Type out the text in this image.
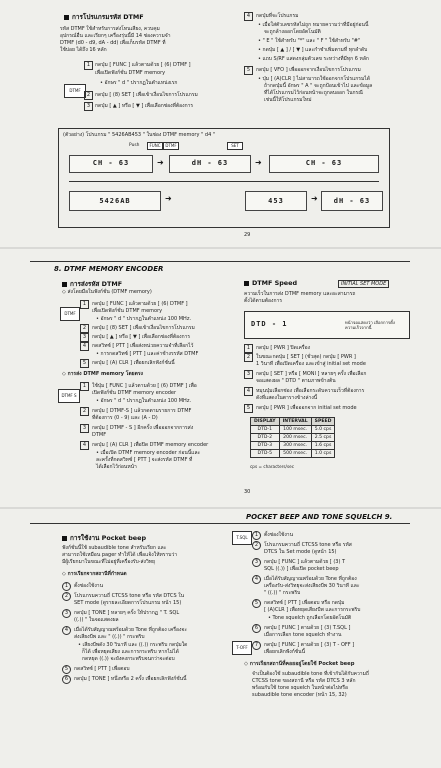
การโปรแกรมรหัส DTMF
รหัส DTMF ใช้สำหรับการส่งโทนเสียง, ควบคุม
อุปกรณ์อื่น และเรียกๆ เครื่องรุ่นนี้มี 14 ช่องความจำ
DTMF (d0 - d9, dA - dd) เพื่อเก็บรหัส DTMF ที่
ใช้บ่อย ได้ถึง 16 หลัก
DTMF
1 กดปุ่ม [ FUNC ] แล้วตามด้วย [ (6) DTMF ]
เพื่อเปิดฟังก์ชั่น DTMF memory
• อักษร " d " ปรากฏในตำแหน่งเรก
2 กดปุ่ม [ (8) SET ] เพื่อเข้าเงื่อนไขการโปรแกรม
3 กดปุ่ม [ ▲ ] หรือ [ ▼ ] เพื่อเลือกช่องที่ต้องการ
4	กดปุ่มที่จะโปรแกรม
• เมื่อใส่ตัวเลขรหัสไม่ถูก หมายความว่าที่มีอยู่ก่อนนี้
จะถูกล้างออกโดยอัตโนมัติ
• " E " ใช้สำหรับ "*" และ " F " ใช้สำหรับ "#"
• กดปุ่ม [ ▲ ] / [ ▼ ] และกำชำเพิ่มตามที่ ทุกลำดับ
• แถบ S/RF แสดงกลุ่มตัวเลข ระหว่างที่มีทุก 6 หลัก
5	กดปุ่ม [ VFO ] เพื่อออกจากเงื่อนไขการโปรแกรม
• ปุ่ม [ (A)CLR ] ไม่สามารถใช้ออกจากโปรแกรมได้
ถ้ากดปุ่มนี้ อักษร " A " จะถูกป้อนเข้าไป และข้อมูล
ที่ได้โปรแกรมไว้ก่อนหน้าจะถูกลบออก ในกรณี
เช่นนี้ให้โปรแกรมใหม่
(ตัวอย่าง) โปรแกรม " 5426AB453 " ในช่อง DTMF memory " d4 "
Push	FUNC	DTMF	SET
CH - 63	➜	dH - 63	➜	CH - 63
5426AB	➜	453	➜	dH - 63
29
8. DTMF MEMORY ENCODER
การส่งรหัส DTMF
◇ ส่งโดยมือในฟังก์ชั่น (DTMF memory)
DTMF
1	กดปุ่ม [ FUNC ] แล้วตามด้วย [ (6) DTMF ]
เพื่อเปิดฟังก์ชั่น DTMF memory
• อักษร " d " ปรากฏในตำแหน่ง 100 MHz.
2	กดปุ่ม [ (8) SET ] เพื่อเข้าเงื่อนไขการโปรแกรม
3	กดปุ่ม [ ▲ ] หรือ [ ▼ ] เพื่อเลือกช่องที่ต้องการ
4	กดสวิทซ์ [ PTT ] เพื่อส่งหน่วยความจำที่เลือกไว้
• การกดสวิทซ์ [ PTT ] และค่าช้างรรหัส DTMF
5	กดปุ่ม [ (A) CLR ] เพื่อยกเลิกฟังก์ชั่นนี้
◇ การส่ง DTMF memory โดยตรง
DTMF S
1	ใช้ปุ่ม [ FUNC ] แล้วตามด้วย [ (6) DTMF ] เพื่อ
เปิดฟังก์ชั่น DTMF memory encoder
• อักษร " d " ปรากฏในตำแหน่ง 100 MHz.
2	กดปุ่ม [ DTMF-S ] แล้วกดตามรายการ DTMF
ที่ต้องการ (0 - 9) และ (A - D)
3	กดปุ่ม [ DTMF - S ] อีกครั้ง เพื่อออกจากการส่ง
DTMF
4	กดปุ่ม [ (A) CLR ] เพื่อปิด DTMF memory encoder
• เมื่อเปิด DTMF memory encoder ก่อนนี้และ
ละครั้งที่กดสวิทซ์ [ PTT ] จะส่งรหัส DTMF ที่
ได้เลือกไว้ก่อนหน้า
DTMF Speed	INITIAL SET MODE
ความเร็วในการส่ง DTMF memory และอะสามารถ
ตั้งได้ตามต้องการ
DTD - 1	หน้าจอแสดงว่า เลือกการตั้งความเร็วจากนี้
1	กดปุ่ม [ PWR ] ปิดเครื่อง
2	ในขณะกดปุ่ม [ SET ] (ชั่วสุด) กดปุ่ม [ PWR ]
1 วินาที เพื่อเปิดเครื่อง และเข้าสู่ initial set mode
3	กดปุ่ม [ SET ] หรือ [ MONI ] หลายๆ ครั้ง เพื่อเลือก
จอแสดงผล " DTD " ตามภาพข้างต้น
4	หมุนปุ่มเลือกช่อง เพื่อเลือกระดับความเร็วที่ต้องการ
ดังที่แสดงในตารางข้างล่างนี้
5	กดปุ่ม [ PWR ] เพื่อออกจาก initial set mode
DISPLAY	INTERVAL	SPEED
DTD-1	100 msec.	5.0 cps
DTD-2	200 msec.	2.5 cps
DTD-3	300 msec.	1.6 cps
DTD-5	500 msec.	1.0 cps
cps = characters/sec
30
POCKET BEEP AND TONE SQUELCH 9.
การใช้งาน Pocket beep
ฟังก์ชั่นนี้ใช้ subaudible tone สำหรับเรียก และ
สามารถใช้เหมือน pager ทำให้ได้ เพื่อแจ้งให้ทราบว่า
มีผู้เรียกมาในขณะที่ไม่อยู่ที่เครื่องรับ-ส่งวิทยุ
◇ การเรียกจากสถานีที่กำหนด
1	ตั้งช่องใช้งาน
2	โปรแกรมความถี่ CTCSS tone หรือ รหัส DTCS ใน
SET mode (ดูรายละเอียดการโปรแกรม หน้า 15)
3	กดปุ่ม [ TONE ] หลายๆ ครั้ง ให้ปรากฏ " T. SQL
((.)) " ในจอแสดงผล
4	เมื่อได้รับสัญญาณพร้อมด้วย Tone ที่ถูกต้อง เครื่องจะ
ส่งเสียงบีพ และ " ((.)) " กระพริบ
• เสียงบีพดัง 30 วินาที และ ((.)) กระพริบ กดปุ่มใด
ก็ได้ เพื่อหยุดเสียง และการกระพริบ หากไม่ได้
กดหยุด ((.)) จะยังคงกระพริบจนกว่าจะต่อบ
5	กดสวิทซ์ [ PTT ] เพื่อตอบ
6	กดปุ่ม [ TONE ] หนึ่งหรือ 2 ครั้ง เพื่อยกเลิกฟังก์ชั่นนี้
T.SQL	1	ตั้งช่องใช้งาน
2	โปรแกรมความถี่ CTCSS tone หรือ รหัส
DTCS ใน Set mode (ดูหน้า 15)
3	กดปุ่ม [ FUNC ] แล้วตามด้วย [ (3) T
SQL ((.)) ] เพื่อเปิด pocket beep
4	เมื่อได้รับสัญญาณพร้อมด้วย Tone ที่ถูกต้อง
เครื่องรับ-ส่งวิทยุจะส่งเสียงบีพ 30 วินาที และ
" ((.)) " กระพริบ
5	กดสวิทซ์ [ PTT ] เพื่อตอบ หรือ กดปุ่ม
[ (A)CLR ] เพื่อหยุดเสียงบีพ และการกระพริบ
• Tone squelch ถูกเลือกโดยอัตโนมัติ
6	กดปุ่ม [ FUNC ] ตามด้วย [ (3) T.SQL ]
เมื่อการเลือก tone squelch ทำงาน
T-OFF	7	กดปุ่ม [ FUNC ] ตามด้วย [ (3) T - OFF ]
เพื่อยกเลิกฟังก์ชั่นนี้
◇ การเรียกสถานีที่คอยอยู่โดยใช้ Pocket beep
จำเป็นต้องใช้ subaudible tone ที่เข้ากันได้กับความถี่
CTCSS tone ของสถานี หรือ รหัส DTCS 3 หลัก
พร้อมกับใช้ tone squelch ในหน้าต่อไปหรือ
subaudible tone encoder (หน้า 15, 32)
